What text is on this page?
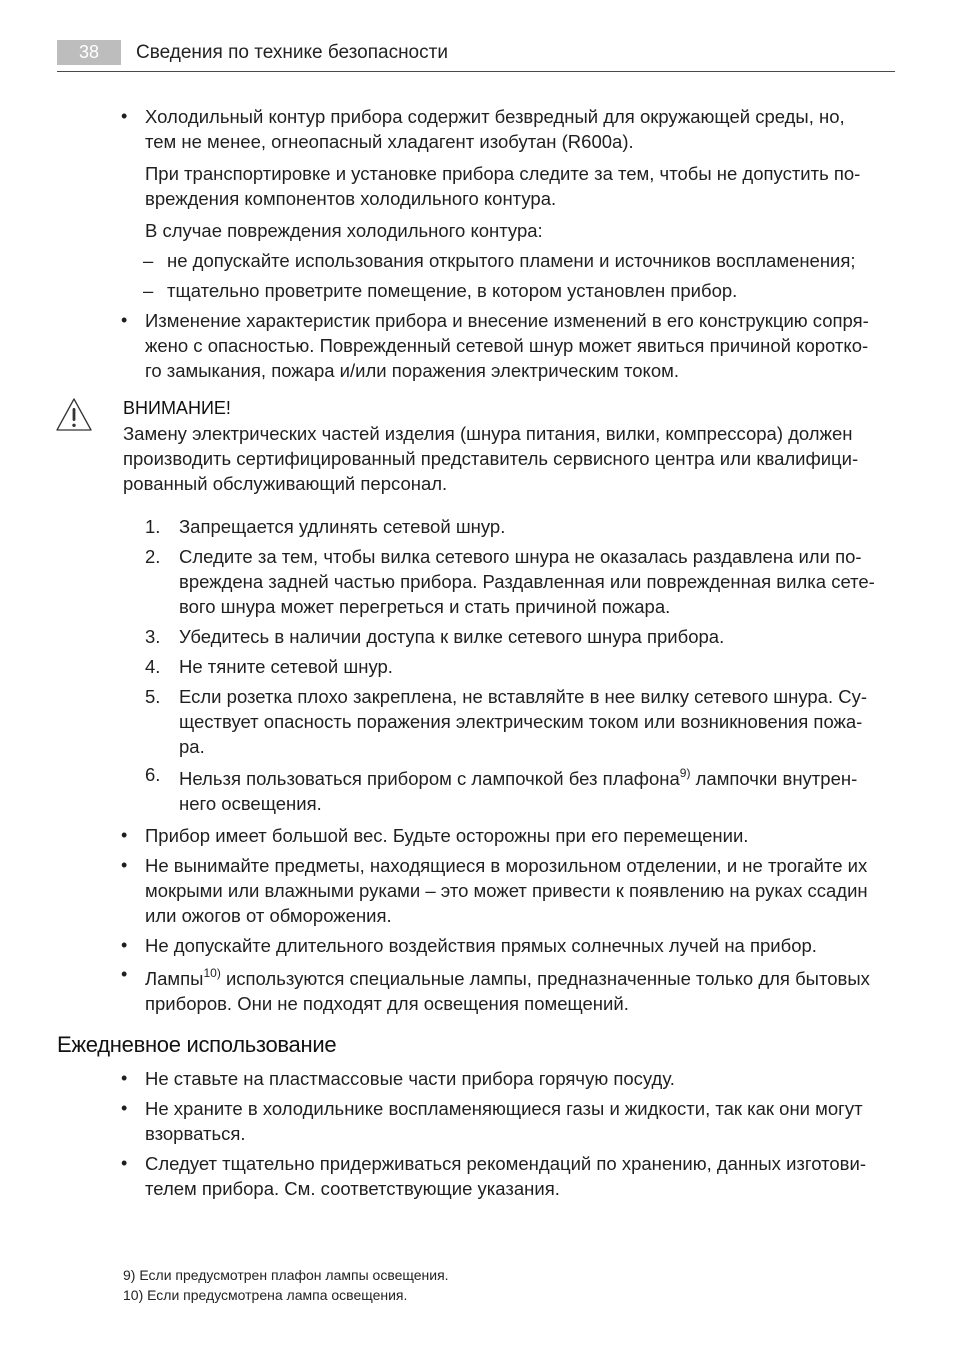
38	Сведения по технике безопасности
• Холодильный контур прибора содержит безвредный для окружающей среды, но,
тем не менее, огнеопасный хладагент изобутан (R600a).
При транспортировке и установке прибора следите за тем, чтобы не допустить по-
вреждения компонентов холодильного контура.
В случае повреждения холодильного контура:
– не допускайте использования открытого пламени и источников воспламенения;
– тщательно проветрите помещение, в котором установлен прибор.
• Изменение характеристик прибора и внесение изменений в его конструкцию сопря-
жено с опасностью. Поврежденный сетевой шнур может явиться причиной коротко-
го замыкания, пожара и/или поражения электрическим током.
ВНИМАНИЕ!
Замену электрических частей изделия (шнура питания, вилки, компрессора) должен
производить сертифицированный представитель сервисного центра или квалифици-
рованный обслуживающий персонал.
1. Запрещается удлинять сетевой шнур.
2. Следите за тем, чтобы вилка сетевого шнура не оказалась раздавлена или по-
вреждена задней частью прибора. Раздавленная или поврежденная вилка сете-
вого шнура может перегреться и стать причиной пожара.
3. Убедитесь в наличии доступа к вилке сетевого шнура прибора.
4. Не тяните сетевой шнур.
5. Если розетка плохо закреплена, не вставляйте в нее вилку сетевого шнура. Су-
ществует опасность поражения электрическим током или возникновения пожа-
ра.
6. Нельзя пользоваться прибором с лампочкой без плафона$^{9)}$ лампочки внутрен-
него освещения.
• Прибор имеет большой вес. Будьте осторожны при его перемещении.
• Не вынимайте предметы, находящиеся в морозильном отделении, и не трогайте их
мокрыми или влажными руками – это может привести к появлению на руках ссадин
или ожогов от обморожения.
• Не допускайте длительного воздействия прямых солнечных лучей на прибор.
• Лампы$^{10)}$ используются специальные лампы, предназначенные только для бытовых
приборов. Они не подходят для освещения помещений.
Ежедневное использование
• Не ставьте на пластмассовые части прибора горячую посуду.
• Не храните в холодильнике воспламеняющиеся газы и жидкости, так как они могут
взорваться.
• Следует тщательно придерживаться рекомендаций по хранению, данных изготови-
телем прибора. См. соответствующие указания.
9) Если предусмотрен плафон лампы освещения.
10) Если предусмотрена лампа освещения.
